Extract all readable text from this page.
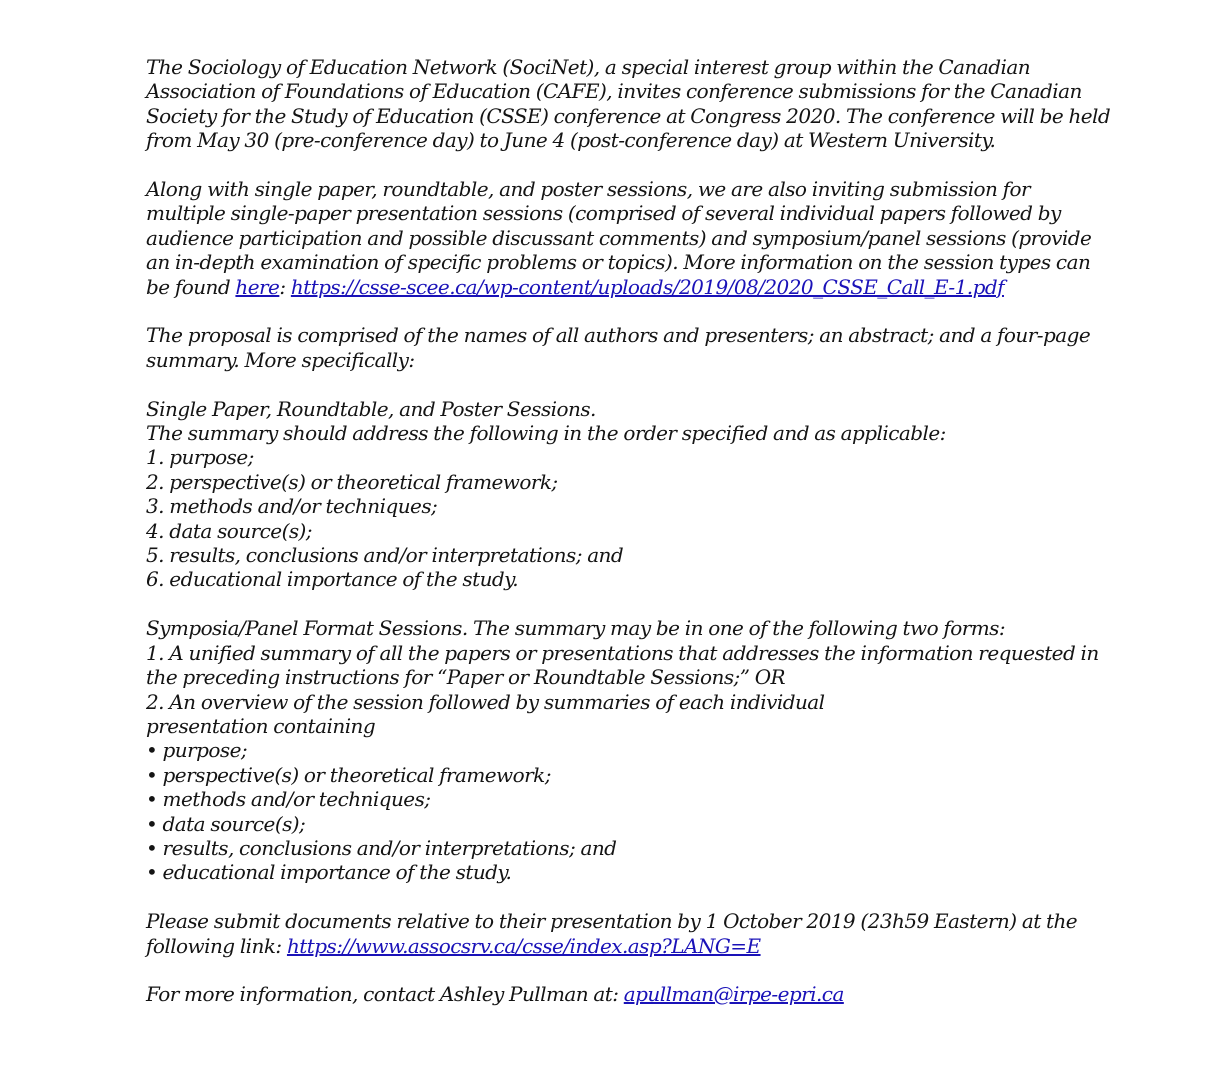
The Sociology of Education Network (SociNet), a special interest group within the Canadian
Association of Foundations of Education (CAFE), invites conference submissions for the Canadian
Society for the Study of Education (CSSE) conference at Congress 2020. The conference will be held
from May 30 (pre-conference day) to June 4 (post-conference day) at Western University.
Along with single paper, roundtable, and poster sessions, we are also inviting submission for
multiple single-paper presentation sessions (comprised of several individual papers followed by
audience participation and possible discussant comments) and symposium/panel sessions (provide
an in-depth examination of specific problems or topics). More information on the session types can
be found here: https://csse-scee.ca/wp-content/uploads/2019/08/2020_CSSE_Call_E-1.pdf
The proposal is comprised of the names of all authors and presenters; an abstract; and a four-page
summary. More specifically:
Single Paper, Roundtable, and Poster Sessions.
The summary should address the following in the order specified and as applicable:
1. purpose;
2. perspective(s) or theoretical framework;
3. methods and/or techniques;
4. data source(s);
5. results, conclusions and/or interpretations; and
6. educational importance of the study.
Symposia/Panel Format Sessions. The summary may be in one of the following two forms:
1. A unified summary of all the papers or presentations that addresses the information requested in
the preceding instructions for “Paper or Roundtable Sessions;” OR
2. An overview of the session followed by summaries of each individual
presentation containing
• purpose;
• perspective(s) or theoretical framework;
• methods and/or techniques;
• data source(s);
• results, conclusions and/or interpretations; and
• educational importance of the study.
Please submit documents relative to their presentation by 1 October 2019 (23h59 Eastern) at the
following link: https://www.assocsrv.ca/csse/index.asp?LANG=E
For more information, contact Ashley Pullman at: apullman@irpe-epri.ca
